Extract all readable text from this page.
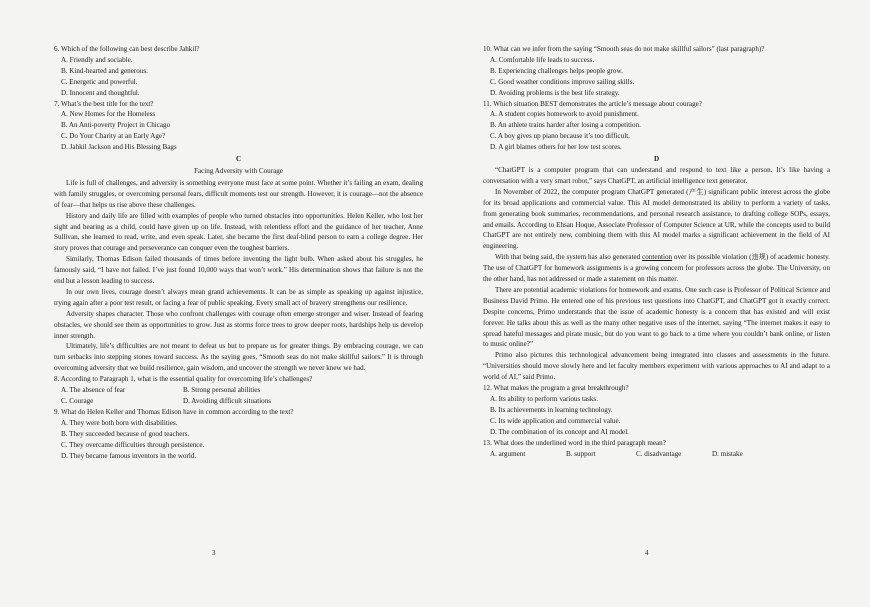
6. Which of the following can best describe Jahkil?

A. Friendly and sociable.

B. Kind-hearted and generous.

C. Energetic and powerful.

D. Innocent and thoughtful.

7. What’s the best title for the text?

A. New Homes for the Homeless

B. An Anti-poverty Project in Chicago

C. Do Your Charity at an Early Age?

D. Jahkil Jackson and His Blessing Bags

C

Facing Adversity with Courage

Life is full of challenges, and adversity is something everyone must face at some point. Whether it’s failing an exam, dealing with family struggles, or overcoming personal fears, difficult moments test our strength. However, it is courage—not the absence of fear—that helps us rise above these challenges.

History and daily life are filled with examples of people who turned obstacles into opportunities. Helen Keller, who lost her sight and hearing as a child, could have given up on life. Instead, with relentless effort and the guidance of her teacher, Anne Sullivan, she learned to read, write, and even speak. Later, she became the first deaf-blind person to earn a college degree. Her story proves that courage and perseverance can conquer even the toughest barriers.

Similarly, Thomas Edison failed thousands of times before inventing the light bulb. When asked about his struggles, he famously said, “I have not failed. I’ve just found 10,000 ways that won’t work.” His determination shows that failure is not the end but a lesson leading to success.

In our own lives, courage doesn’t always mean grand achievements. It can be as simple as speaking up against injustice, trying again after a poor test result, or facing a fear of public speaking. Every small act of bravery strengthens our resilience.

Adversity shapes character. Those who confront challenges with courage often emerge stronger and wiser. Instead of fearing obstacles, we should see them as opportunities to grow. Just as storms force trees to grow deeper roots, hardships help us develop inner strength.

Ultimately, life’s difficulties are not meant to defeat us but to prepare us for greater things. By embracing courage, we can turn setbacks into stepping stones toward success. As the saying goes, “Smooth seas do not make skillful sailors.” It is through overcoming adversity that we build resilience, gain wisdom, and uncover the strength we never knew we had.

8. According to Paragraph 1, what is the essential quality for overcoming life’s challenges?

A. The absence of fear	B. Strong personal abilities
C. Courage	D. Avoiding difficult situations

9. What do Helen Keller and Thomas Edison have in common according to the text?

A. They were both born with disabilities.

B. They succeeded because of good teachers.

C. They overcame difficulties through persistence.

D. They became famous inventors in the world.

3

10. What can we infer from the saying “Smooth seas do not make skillful sailors” (last paragraph)?

A. Comfortable life leads to success.

B. Experiencing challenges helps people grow.

C. Good weather conditions improve sailing skills.

D. Avoiding problems is the best life strategy.

11. Which situation BEST demonstrates the article’s message about courage?

A. A student copies homework to avoid punishment.

B. An athlete trains harder after losing a competition.

C. A boy gives up piano because it’s too difficult.

D. A girl blames others for her low test scores.

D

“ChatGPT is a computer program that can understand and respond to text like a person. It’s like having a conversation with a very smart robot,” says ChatGPT, an artificial intelligence text generator.

In November of 2022, the computer program ChatGPT generated (产生) significant public interest across the globe for its broad applications and commercial value. This AI model demonstrated its ability to perform a variety of tasks, from generating book summaries, recommendations, and personal research assistance, to drafting college SOPs, essays, and emails. According to Ehsan Hoque, Associate Professor of Computer Science at UR, while the concepts used to build ChatGPT are not entirely new, combining them with this AI model marks a significant achievement in the field of AI engineering.

With that being said, the system has also generated contention over its possible violation (违规) of academic honesty. The use of ChatGPT for homework assignments is a growing concern for professors across the globe. The University, on the other hand, has not addressed or made a statement on this matter.

There are potential academic violations for homework and exams. One such case is Professor of Political Science and Business David Primo. He entered one of his previous test questions into ChatGPT, and ChatGPT got it exactly correct. Despite concerns, Primo understands that the issue of academic honesty is a concern that has existed and will exist forever. He talks about this as well as the many other negative uses of the internet, saying “The internet makes it easy to spread hateful messages and pirate music, but do you want to go back to a time where you couldn’t bank online, or listen to music online?”

Primo also pictures this technological advancement being integrated into classes and assessments in the future. “Universities should move slowly here and let faculty members experiment with various approaches to AI and adapt to a world of AI,” said Primo.

12. What makes the program a great breakthrough?

A. Its ability to perform various tasks.

B. Its achievements in learning technology.

C. Its wide application and commercial value.

D. The combination of its concept and AI model.

13. What does the underlined word in the third paragraph mean?

A. argument	B. support	C. disadvantage	D. mistake
4
